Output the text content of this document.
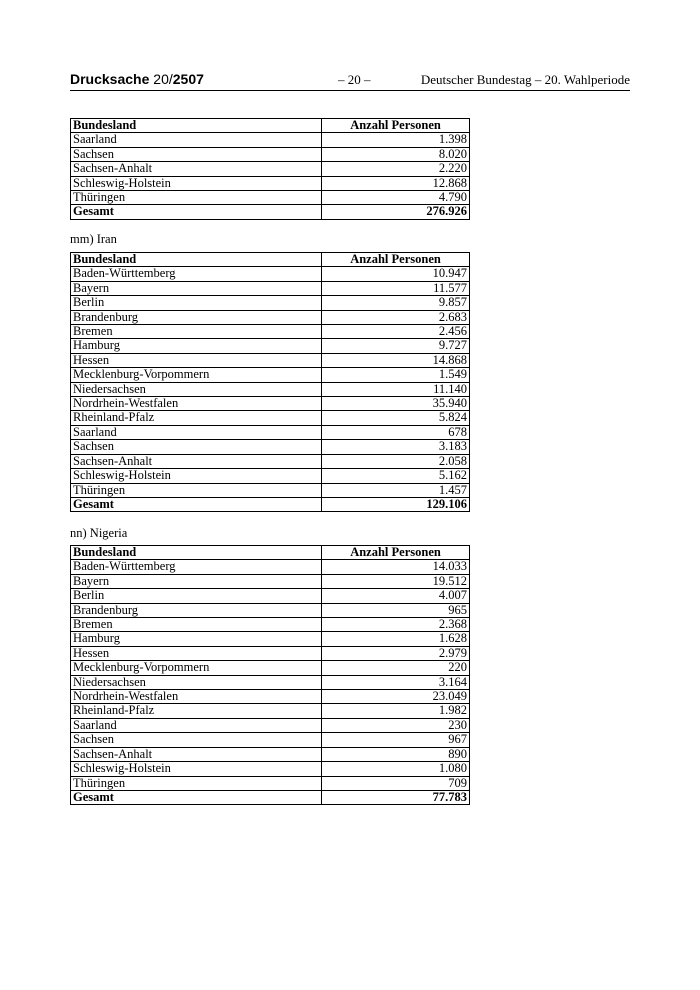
Drucksache 20/2507	– 20 –	Deutscher Bundestag – 20. Wahlperiode
Bundesland	Anzahl Personen
Saarland	1.398
Sachsen	8.020
Sachsen-Anhalt	2.220
Schleswig-Holstein	12.868
Thüringen	4.790
Gesamt	276.926
mm) Iran
Bundesland	Anzahl Personen
Baden-Württemberg	10.947
Bayern	11.577
Berlin	9.857
Brandenburg	2.683
Bremen	2.456
Hamburg	9.727
Hessen	14.868
Mecklenburg-Vorpommern	1.549
Niedersachsen	11.140
Nordrhein-Westfalen	35.940
Rheinland-Pfalz	5.824
Saarland	678
Sachsen	3.183
Sachsen-Anhalt	2.058
Schleswig-Holstein	5.162
Thüringen	1.457
Gesamt	129.106
nn) Nigeria
Bundesland	Anzahl Personen
Baden-Württemberg	14.033
Bayern	19.512
Berlin	4.007
Brandenburg	965
Bremen	2.368
Hamburg	1.628
Hessen	2.979
Mecklenburg-Vorpommern	220
Niedersachsen	3.164
Nordrhein-Westfalen	23.049
Rheinland-Pfalz	1.982
Saarland	230
Sachsen	967
Sachsen-Anhalt	890
Schleswig-Holstein	1.080
Thüringen	709
Gesamt	77.783
